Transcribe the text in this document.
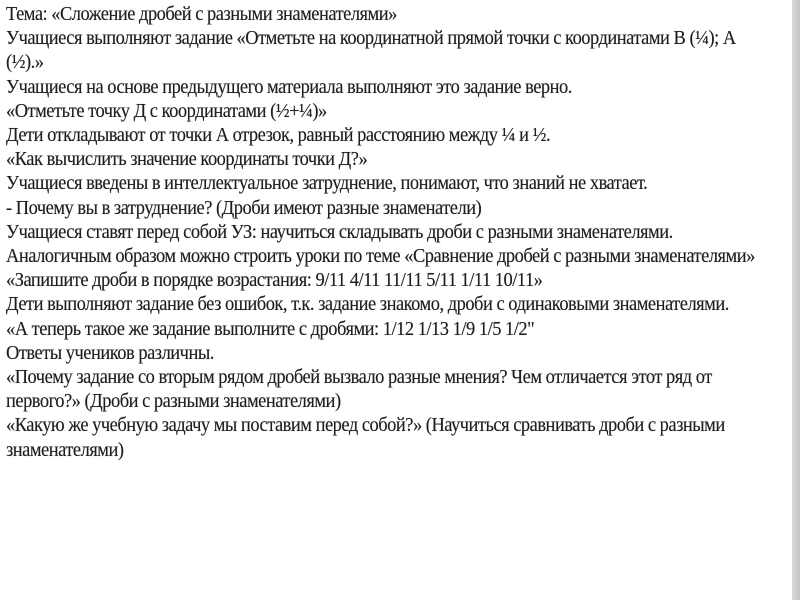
Тема: «Сложение дробей с разными знаменателями»
Учащиеся выполняют задание «Отметьте на координатной прямой точки с координатами В (¼); А
(½).»
Учащиеся на основе предыдущего материала выполняют это задание верно.
«Отметьте точку Д с координатами (½+¼)»
Дети откладывают от точки А отрезок, равный расстоянию между ¼ и ½.
«Как вычислить значение координаты точки Д?»
Учащиеся введены в интеллектуальное затруднение, понимают, что знаний не хватает.
- Почему вы в затруднение? (Дроби имеют разные знаменатели)
Учащиеся ставят перед собой УЗ: научиться складывать дроби с разными знаменателями.
Аналогичным образом можно строить уроки по теме «Сравнение дробей с разными знаменателями»
«Запишите дроби в порядке возрастания: 9/11 4/11 11/11 5/11 1/11 10/11»
Дети выполняют задание без ошибок, т.к. задание знакомо, дроби с одинаковыми знаменателями.
«А теперь такое же задание выполните с дробями: 1/12 1/13 1/9 1/5 1/2"
Ответы учеников различны.
«Почему задание со вторым рядом дробей вызвало разные мнения? Чем отличается этот ряд от
первого?» (Дроби с разными знаменателями)
«Какую же учебную задачу мы поставим перед собой?» (Научиться сравнивать дроби с разными
знаменателями)
